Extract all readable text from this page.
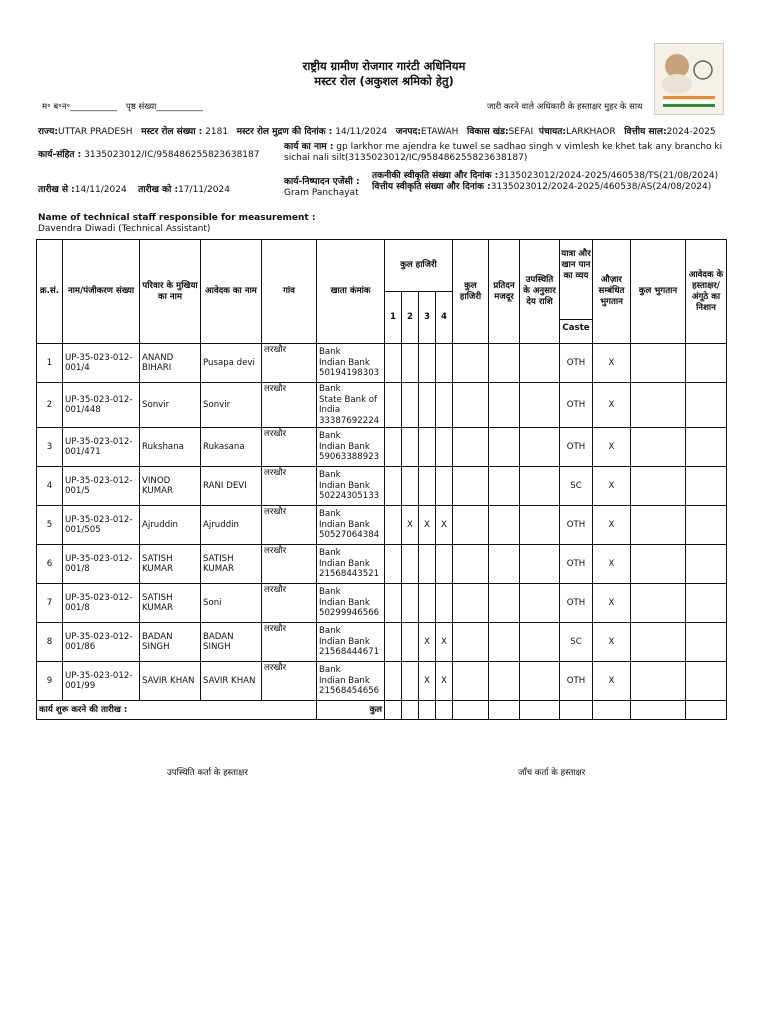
राष्ट्रीय ग्रामीण रोजगार गारंटी अधिनियम
मस्टर रोल (अकुशल श्रमिको हेतु)
म॰ ब॰न॰___________ पृष्ठ संख्या___________	जारी करने वाले अधिकारी के हस्ताक्षर मुहर के साथ
राज्य:UTTAR PRADESH मस्टर रोल संख्या : 2181 मस्टर रोल मुद्रण की दिनांक : 14/11/2024 जनपद:ETAWAH विकास खंड:SEFAI पंचायत:LARKHAOR वित्तीय साल:2024-2025
कार्य-संहित : 3135023012/IC/958486255823638187
कार्य का नाम : gp larkhor me ajendra ke tuwel se sadhao singh v vimlesh ke khet tak any brancho ki sichai nali silt(3135023012/IC/958486255823638187)
तारीख से :14/11/2024 तारीख को :17/11/2024
कार्य-निष्पादन एजेंसी :
Gram Panchayat
तकनीकी स्वीकृति संख्या और दिनांक :3135023012/2024-2025/460538/TS(21/08/2024)  वित्तीय स्वीकृति संख्या और दिनांक :3135023012/2024-2025/460538/AS(24/08/2024)
Name of technical staff responsible for measurement :
Davendra Diwadi (Technical Assistant)
क्र.सं.	नाम/पंजीकरण संख्या	परिवार के मुखिया का नाम	आवेदक का नाम	गांव	खाता कंमांक	कुल हाजिरी				कुल हाजिरी	प्रतिदन मजदूर	उपस्थिति के अनुसार देय राशि	यात्रा और खान पान का व्यय
Caste	औज़ार सम्बंधित भुगतान	कुल भुगतान	आवेदक के हस्ताक्षर/अंगूठे का निशान
						1	2	3	4							
1	UP-35-023-012-001/4	ANAND BIHARI	Pusapa devi	लरखौर	Bank
Indian Bank
50194198303								OTH	X		
2	UP-35-023-012-001/448	Sonvir	Sonvir	लरखौर	Bank
State Bank of India
33387692224								OTH	X		
3	UP-35-023-012-001/471	Rukshana	Rukasana	लरखौर	Bank
Indian Bank
59063388923								OTH	X		
4	UP-35-023-012-001/5	VINOD KUMAR	RANI DEVI	लरखौर	Bank
Indian Bank
50224305133								SC	X		
5	UP-35-023-012-001/505	Ajruddin	Ajruddin	लरखौर	Bank
Indian Bank
50527064384		X	X	X				OTH	X		
6	UP-35-023-012-001/8	SATISH KUMAR	SATISH KUMAR	लरखौर	Bank
Indian Bank
21568443521								OTH	X		
7	UP-35-023-012-001/8	SATISH KUMAR	Soni	लरखौर	Bank
Indian Bank
50299946566								OTH	X		
8	UP-35-023-012-001/86	BADAN SINGH	BADAN SINGH	लरखौर	Bank
Indian Bank
21568444671			X	X				SC	X		
9	UP-35-023-012-001/99	SAVIR KHAN	SAVIR KHAN	लरखौर	Bank
Indian Bank
21568454656			X	X				OTH	X		
कार्य शुरू करने की तारीख :					कुल											
उपस्थिति कर्ता के हस्ताक्षर	जाँच कर्ता के हस्ताक्षर
